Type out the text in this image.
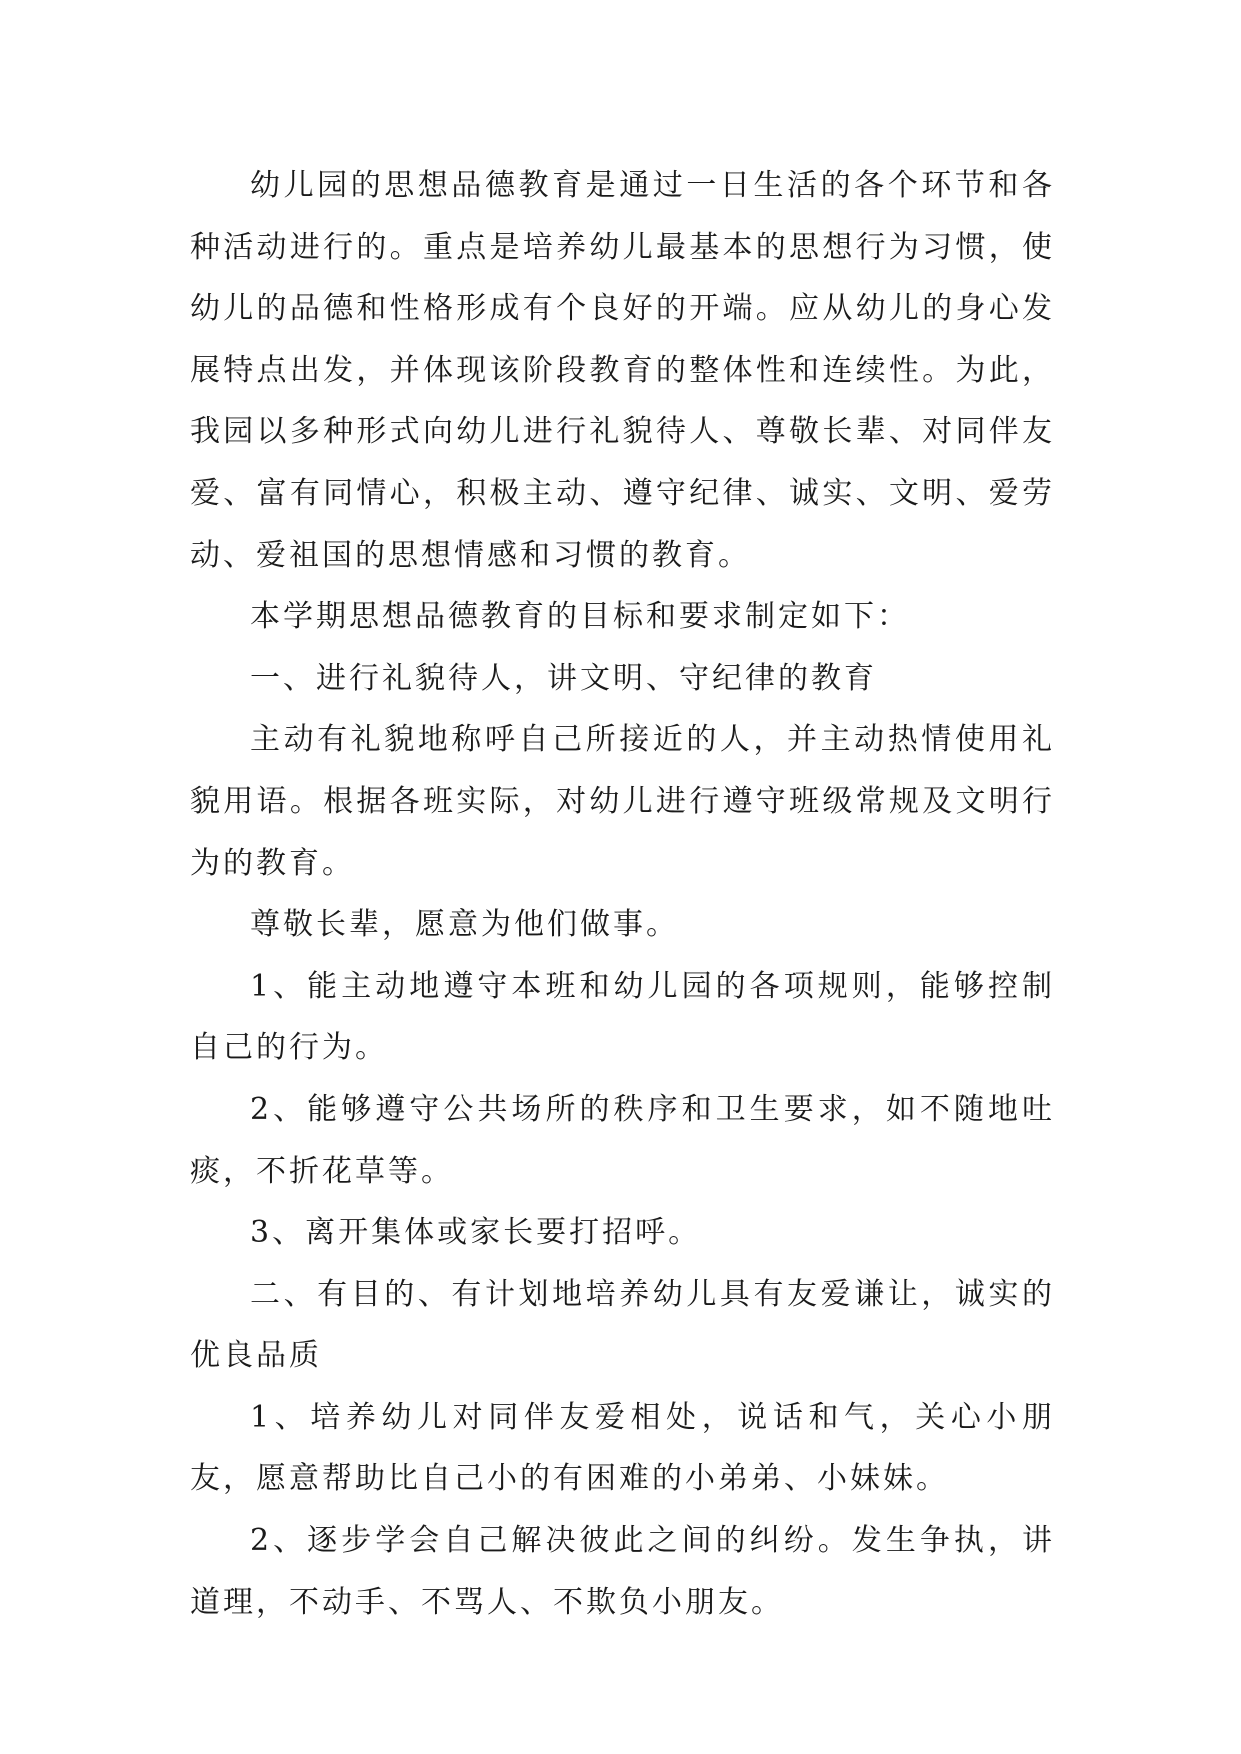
幼儿园的思想品德教育是通过一日生活的各个环节和各种活动进行的。重点是培养幼儿最基本的思想行为习惯，使幼儿的品德和性格形成有个良好的开端。应从幼儿的身心发展特点出发，并体现该阶段教育的整体性和连续性。为此，我园以多种形式向幼儿进行礼貌待人、尊敬长辈、对同伴友爱、富有同情心，积极主动、遵守纪律、诚实、文明、爱劳动、爱祖国的思想情感和习惯的教育。

本学期思想品德教育的目标和要求制定如下：

一、进行礼貌待人，讲文明、守纪律的教育

主动有礼貌地称呼自己所接近的人，并主动热情使用礼貌用语。根据各班实际，对幼儿进行遵守班级常规及文明行为的教育。

尊敬长辈，愿意为他们做事。

1、能主动地遵守本班和幼儿园的各项规则，能够控制自己的行为。

2、能够遵守公共场所的秩序和卫生要求，如不随地吐痰，不折花草等。

3、离开集体或家长要打招呼。

二、有目的、有计划地培养幼儿具有友爱谦让，诚实的优良品质

1、培养幼儿对同伴友爱相处，说话和气，关心小朋友，愿意帮助比自己小的有困难的小弟弟、小妹妹。

2、逐步学会自己解决彼此之间的纠纷。发生争执，讲道理，不动手、不骂人、不欺负小朋友。
